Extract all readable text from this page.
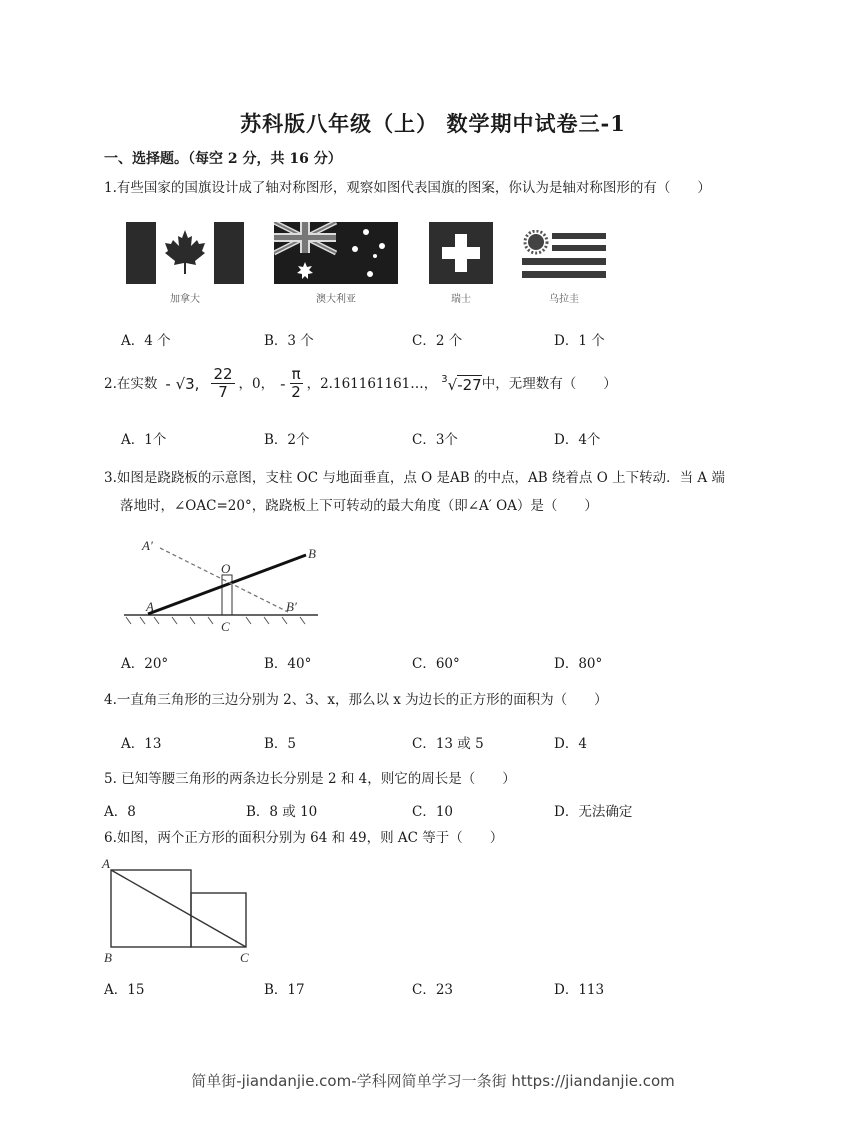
苏科版八年级（上） 数学期中试卷三-1
一、选择题。（每空 2 分，共 16 分）
1.有些国家的国旗设计成了轴对称图形，观察如图代表国旗的图案，你认为是轴对称图形的有（　　）
加拿大	澳大利亚	瑞士	乌拉圭
A．4 个	B．3 个	C．2 个	D．1 个
2.在实数 - √3, $\frac{22}{7}$ ，0， - $\frac{\pi}{2}$ ，2.161161161…， $^3$√-27 中，无理数有（　　）
A．1个	B．2个	C．3个	D．4个
3.如图是跷跷板的示意图，支柱 OC 与地面垂直，点 O 是AB 的中点，AB 绕着点 O 上下转动．当 A 端
落地时，∠OAC=20°，跷跷板上下可转动的最大角度（即∠A′ OA）是（　　）
A′
B
O
A	B′
C
A．20°	B．40°	C．60°	D．80°
4.一直角三角形的三边分别为 2、3、x，那么以 x 为边长的正方形的面积为（　　）
A．13	B．5	C．13 或 5	D．4
5. 已知等腰三角形的两条边长分别是 2 和 4，则它的周长是（　　）
A．8	B．8 或 10	C．10	D．无法确定
6.如图，两个正方形的面积分别为 64 和 49，则 AC 等于（　　）
A
B	C
A．15	B．17	C．23	D．113
简单街-jiandanjie.com-学科网简单学习一条街 https://jiandanjie.com
